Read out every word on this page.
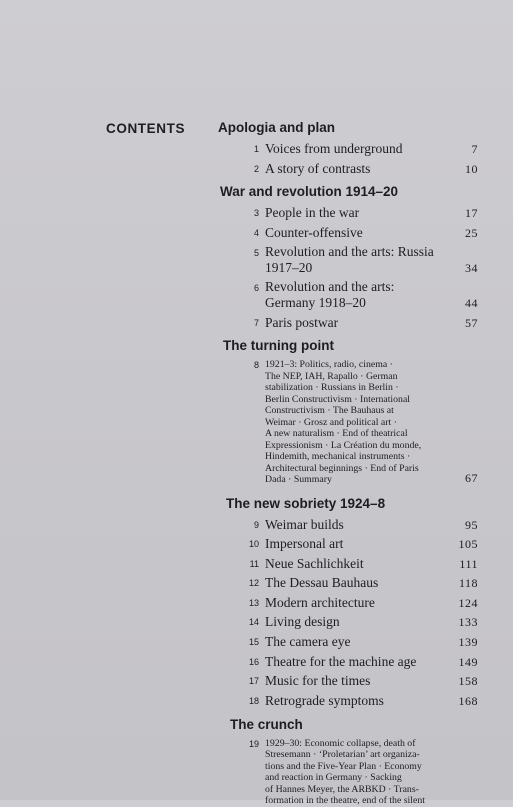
CONTENTS Apologia and plan
1 Voices from underground	7
2 A story of contrasts	10
War and revolution 1914–20
3 People in the war	17
4 Counter-offensive	25
5 Revolution and the arts: Russia
1917–20	34
6 Revolution and the arts:
Germany 1918–20	44
7 Paris postwar	57
The turning point
8 1921–3: Politics, radio, cinema ·
The NEP, IAH, Rapallo · German
stabilization · Russians in Berlin ·
Berlin Constructivism · International
Constructivism · The Bauhaus at
Weimar · Grosz and political art ·
A new naturalism · End of theatrical
Expressionism · La Création du monde,
Hindemith, mechanical instruments ·
Architectural beginnings · End of Paris
Dada · Summary	67
The new sobriety 1924–8
9 Weimar builds	95
10 Impersonal art	105
11 Neue Sachlichkeit	111
12 The Dessau Bauhaus	118
13 Modern architecture	124
14 Living design	133
15 The camera eye	139
16 Theatre for the machine age	149
17 Music for the times	158
18 Retrograde symptoms	168
The crunch
19 1929–30: Economic collapse, death of
Stresemann · ‘Proletarian’ art organiza-
tions and the Five-Year Plan · Economy
and reaction in Germany · Sacking
of Hannes Meyer, the ARBKD · Trans-
formation in the theatre, end of the silent
